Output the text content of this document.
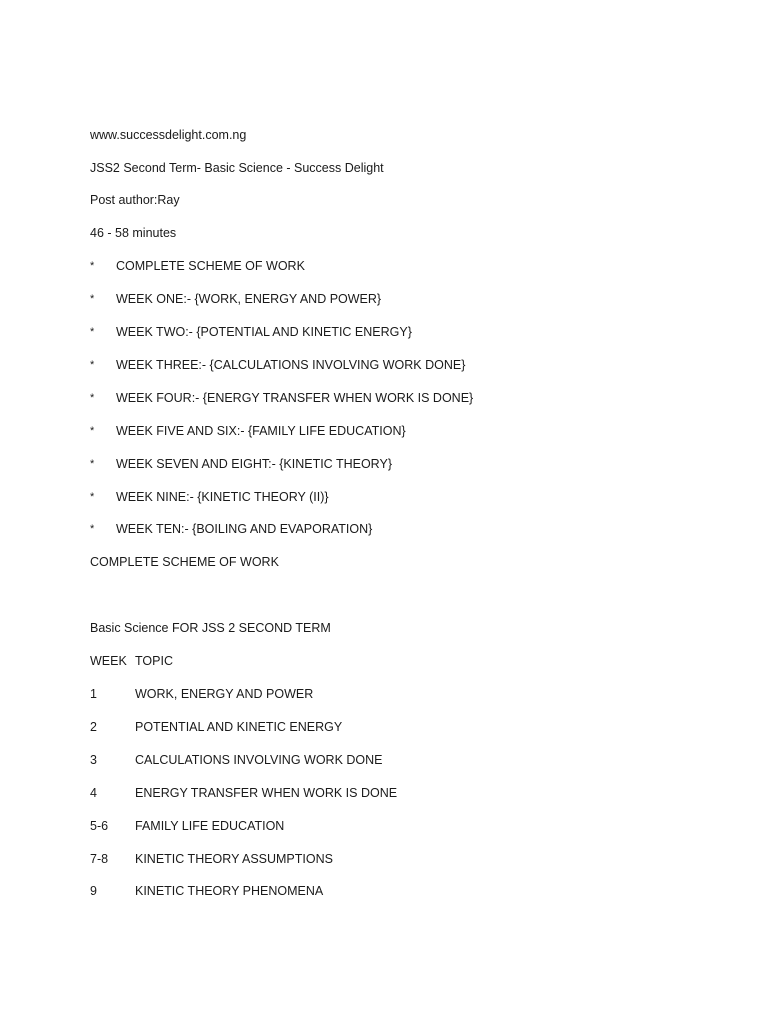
www.successdelight.com.ng
JSS2 Second Term- Basic Science - Success Delight
Post author:Ray
46 - 58 minutes
* COMPLETE SCHEME OF WORK
* WEEK ONE:- {WORK, ENERGY AND POWER}
* WEEK TWO:- {POTENTIAL AND KINETIC ENERGY}
* WEEK THREE:- {CALCULATIONS INVOLVING WORK DONE}
* WEEK FOUR:- {ENERGY TRANSFER WHEN WORK IS DONE}
* WEEK FIVE AND SIX:- {FAMILY LIFE EDUCATION}
* WEEK SEVEN AND EIGHT:- {KINETIC THEORY}
* WEEK NINE:- {KINETIC THEORY (II)}
* WEEK TEN:- {BOILING AND EVAPORATION}
COMPLETE SCHEME OF WORK
Basic Science FOR JSS 2 SECOND TERM
WEEK TOPIC
1	WORK, ENERGY AND POWER
2	POTENTIAL AND KINETIC ENERGY
3	CALCULATIONS INVOLVING WORK DONE
4	ENERGY TRANSFER WHEN WORK IS DONE
5-6 FAMILY LIFE EDUCATION
7-8 KINETIC THEORY ASSUMPTIONS
9	KINETIC THEORY PHENOMENA
